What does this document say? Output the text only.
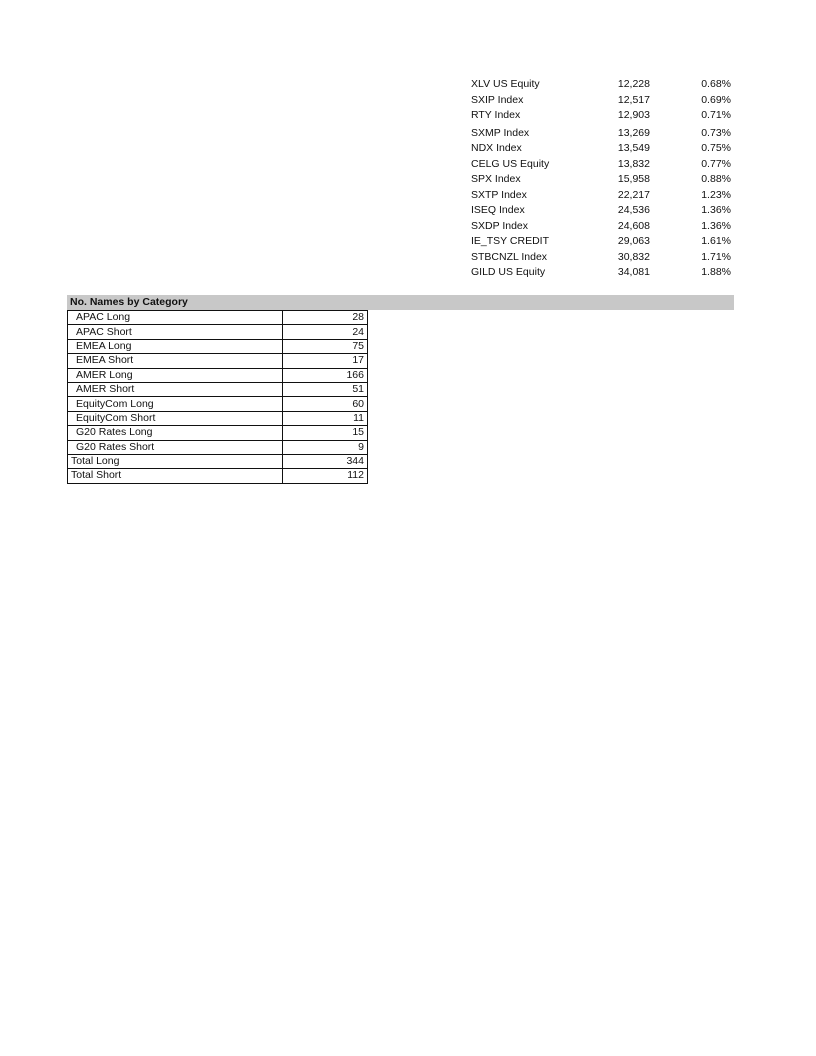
XLV US Equity	12,228	0.68%
SXIP Index	12,517	0.69%
RTY Index	12,903	0.71%
SXMP Index	13,269	0.73%
NDX Index	13,549	0.75%
CELG US Equity	13,832	0.77%
SPX Index	15,958	0.88%
SXTP Index	22,217	1.23%
ISEQ Index	24,536	1.36%
SXDP Index	24,608	1.36%
IE_TSY CREDIT	29,063	1.61%
STBCNZL Index	30,832	1.71%
GILD US Equity	34,081	1.88%
No. Names by Category
APAC Long	28
APAC Short	24
EMEA Long	75
EMEA Short	17
AMER Long	166
AMER Short	51
EquityCom Long	60
EquityCom Short	11
G20 Rates Long	15
G20 Rates Short	9
Total Long	344
Total Short	112
